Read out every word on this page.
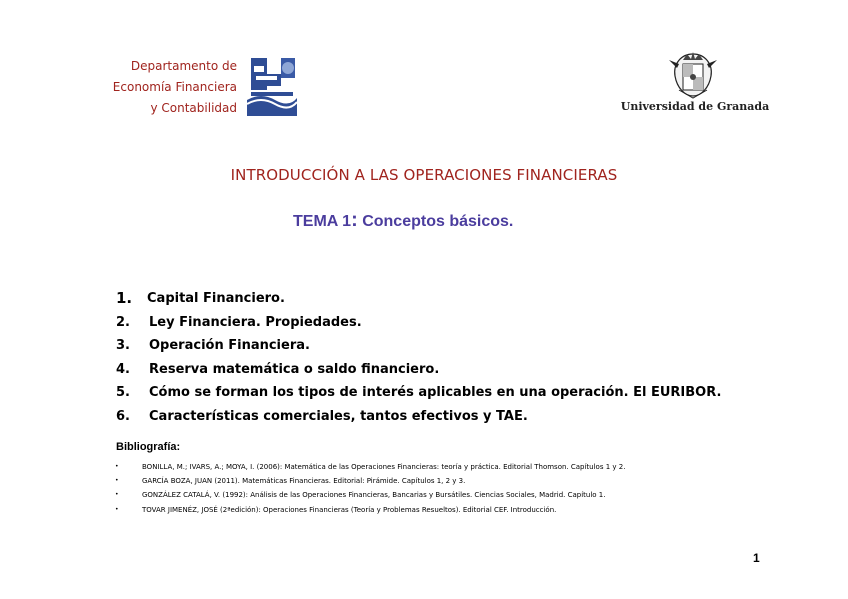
Departamento de
Economía Financiera
y Contabilidad	Universidad de Granada
INTRODUCCIÓN A LAS OPERACIONES FINANCIERAS
TEMA 1: Conceptos básicos.
1.	Capital Financiero.
2.	Ley Financiera. Propiedades.
3.	Operación Financiera.
4.	Reserva matemática o saldo financiero.
5.	Cómo se forman los tipos de interés aplicables en una operación. El EURIBOR.
6.	Características comerciales, tantos efectivos y TAE.
Bibliografía:
•	BONILLA, M.; IVARS, A.; MOYA, I. (2006): Matemática de las Operaciones Financieras: teoría y práctica. Editorial Thomson. Capítulos 1 y 2.
•	GARCÍA BOZA, JUAN (2011). Matemáticas Financieras. Editorial: Pirámide. Capítulos 1, 2 y 3.
•	GONZÁLEZ CATALÁ, V. (1992): Análisis de las Operaciones Financieras, Bancarias y Bursátiles. Ciencias Sociales, Madrid. Capítulo 1.
•	TOVAR JIMENÉZ, JOSÉ (2ªedición): Operaciones Financieras (Teoría y Problemas Resueltos). Editorial CEF. Introducción.
1
